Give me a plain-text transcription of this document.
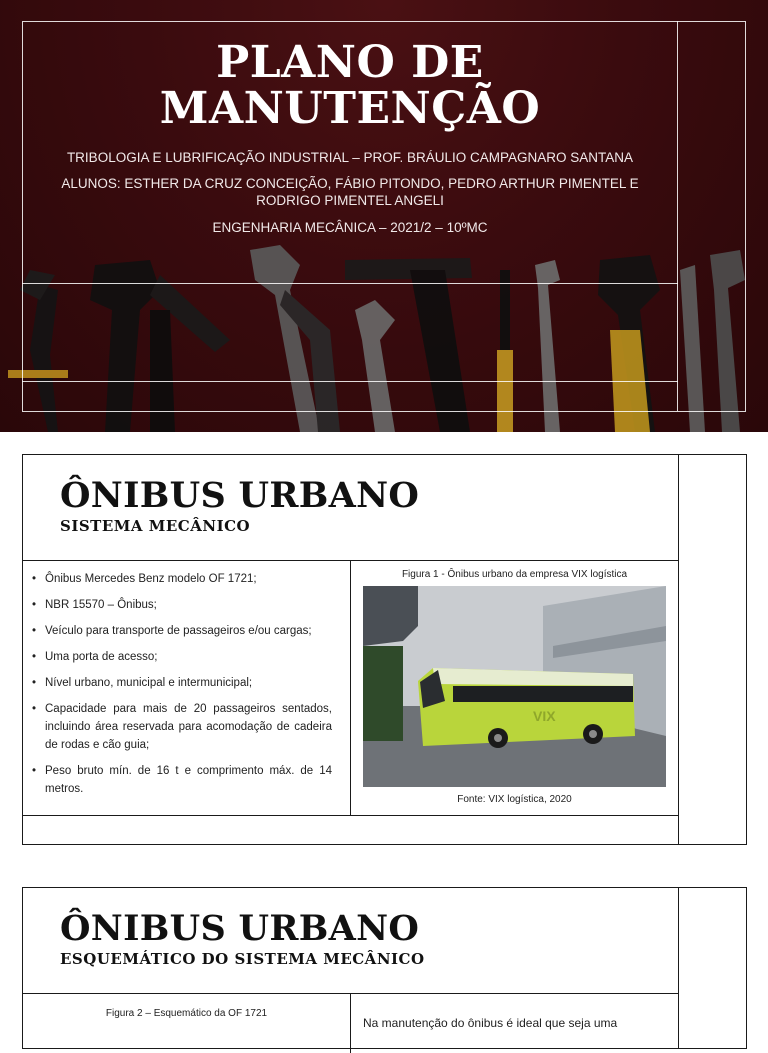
PLANO DE
MANUTENÇÃO
TRIBOLOGIA E LUBRIFICAÇÃO INDUSTRIAL – PROF. BRÁULIO CAMPAGNARO SANTANA
ALUNOS: ESTHER DA CRUZ CONCEIÇÃO, FÁBIO PITONDO, PEDRO ARTHUR PIMENTEL E
RODRIGO PIMENTEL ANGELI
ENGENHARIA MECÂNICA – 2021/2 – 10ºMC
ÔNIBUS URBANO
SISTEMA MECÂNICO
• Ônibus Mercedes Benz modelo OF 1721;
• NBR 15570 – Ônibus;
• Veículo para transporte de passageiros e/ou cargas;
• Uma porta de acesso;
• Nível urbano, municipal e intermunicipal;
• Capacidade para mais de 20 passageiros sentados, incluindo área reservada para acomodação de cadeira de rodas e cão guia;
• Peso bruto mín. de 16 t e comprimento máx. de 14 metros.
Figura 1 - Ônibus urbano da empresa VIX logística
VIX
Fonte: VIX logística, 2020
ÔNIBUS URBANO
ESQUEMÁTICO DO SISTEMA MECÂNICO
Figura 2 – Esquemático da OF 1721
Na manutenção do ônibus é ideal que seja uma
